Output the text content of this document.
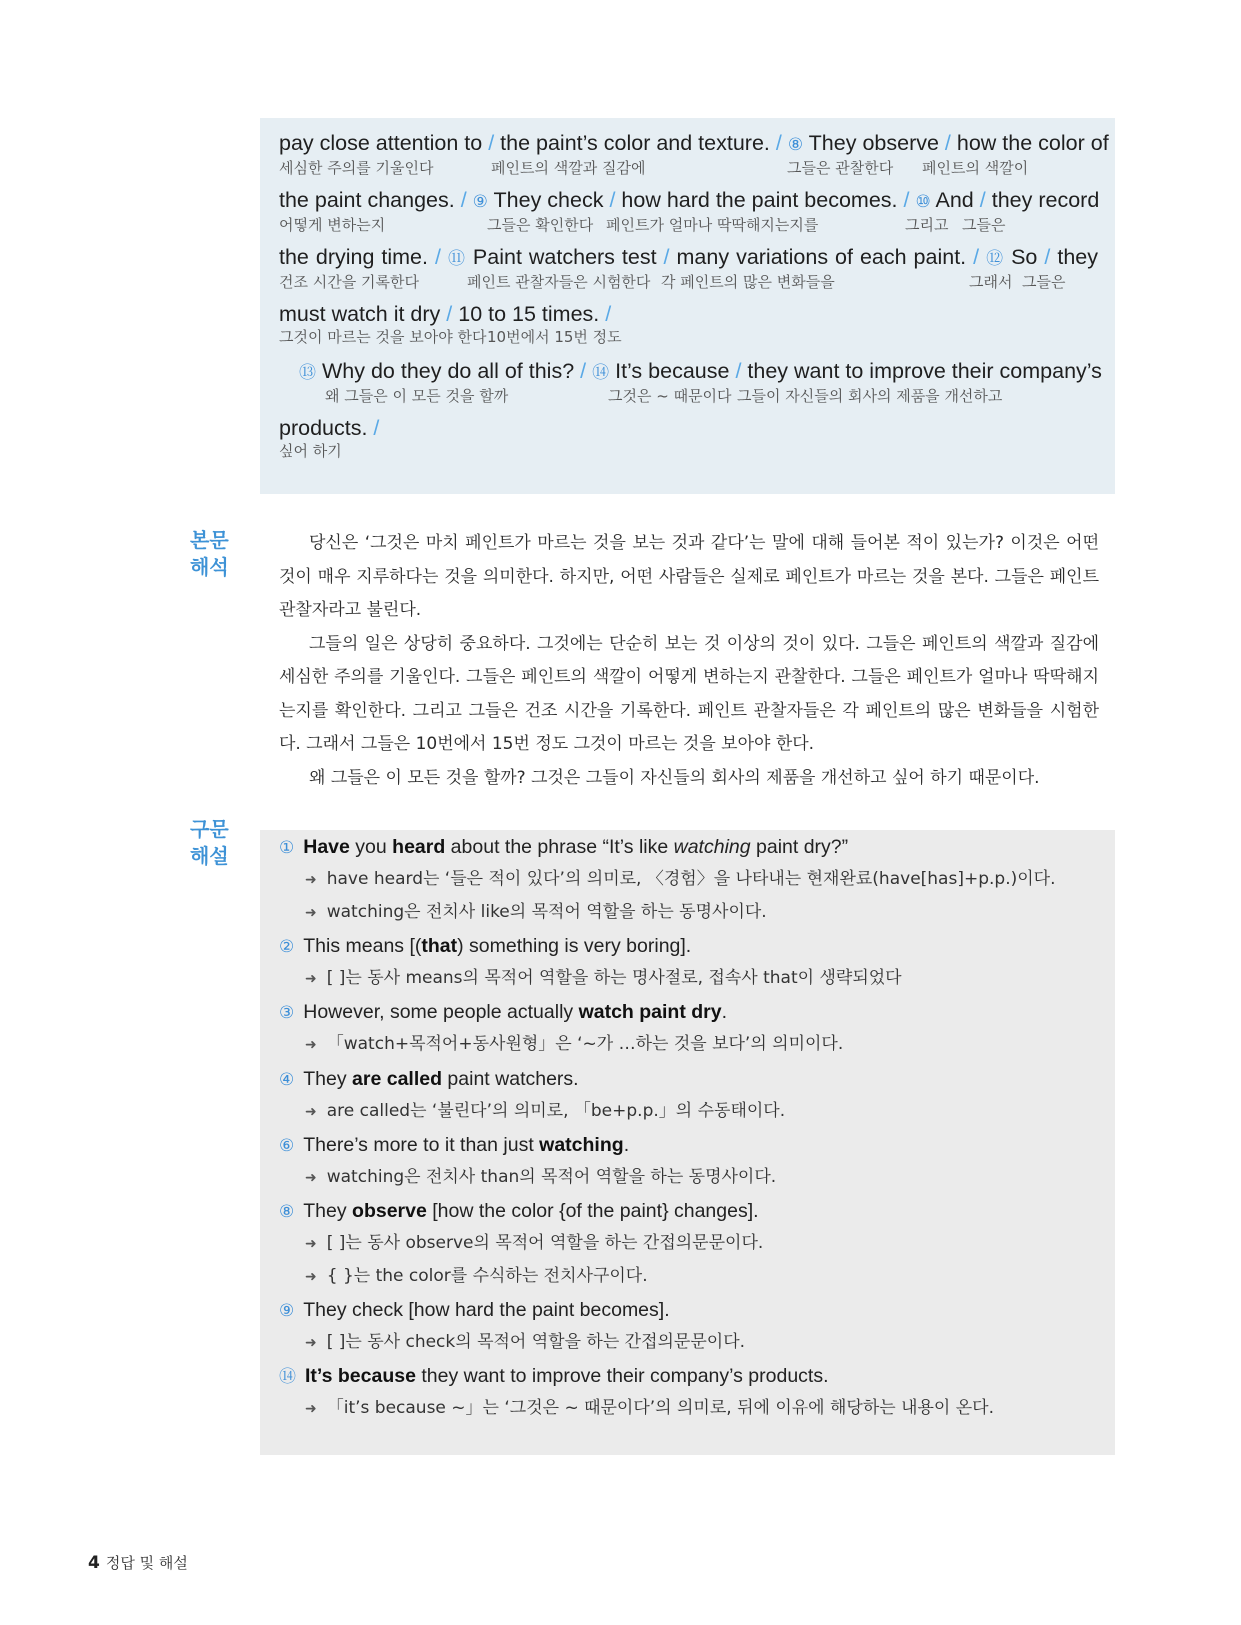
pay close attention to / the paint’s color and texture. / ⑧ They observe / how the color of
세심한 주의를 기울인다	페인트의 색깔과 질감에	그들은 관찰한다 페인트의 색깔이
the paint changes. / ⑨ They check / how hard the paint becomes. / ⑩ And / they record
어떻게 변하는지	그들은 확인한다 페인트가 얼마나 딱딱해지는지를	그리고 그들은
the drying time. / ⑪ Paint watchers test / many variations of each paint. / ⑫ So / they
건조 시간을 기록한다	페인트 관찰자들은 시험한다 각 페인트의 많은 변화들을	그래서 그들은
must watch it dry / 10 to 15 times. /
그것이 마르는 것을 보아야 한다 10번에서 15번 정도
⑬ Why do they do all of this? / ⑭ It’s because / they want to improve their company’s
왜 그들은 이 모든 것을 할까	그것은 ~ 때문이다 그들이 자신들의 회사의 제품을 개선하고
products. /
싶어 하기
본문
해석

당신은 ‘그것은 마치 페인트가 마르는 것을 보는 것과 같다’는 말에 대해 들어본 적이 있는가? 이것은 어떤 것이 매우 지루하다는 것을 의미한다. 하지만, 어떤 사람들은 실제로 페인트가 마르는 것을 본다. 그들은 페인트 관찰자라고 불린다.

그들의 일은 상당히 중요하다. 그것에는 단순히 보는 것 이상의 것이 있다. 그들은 페인트의 색깔과 질감에 세심한 주의를 기울인다. 그들은 페인트의 색깔이 어떻게 변하는지 관찰한다. 그들은 페인트가 얼마나 딱딱해지는지를 확인한다. 그리고 그들은 건조 시간을 기록한다. 페인트 관찰자들은 각 페인트의 많은 변화들을 시험한다. 그래서 그들은 10번에서 15번 정도 그것이 마르는 것을 보아야 한다.

왜 그들은 이 모든 것을 할까? 그것은 그들이 자신들의 회사의 제품을 개선하고 싶어 하기 때문이다.

구문
해설	① Have you heard about the phrase “It’s like watching paint dry?”
➜ have heard는 ‘들은 적이 있다’의 의미로, 〈경험〉을 나타내는 현재완료(have[has]+p.p.)이다.
➜ watching은 전치사 like의 목적어 역할을 하는 동명사이다.
② This means [(that) something is very boring].
➜ [ ]는 동사 means의 목적어 역할을 하는 명사절로, 접속사 that이 생략되었다
③ However, some people actually watch paint dry.
➜ 「watch+목적어+동사원형」은 ‘~가 …하는 것을 보다’의 의미이다.
④ They are called paint watchers.
➜ are called는 ‘불린다’의 의미로, 「be+p.p.」의 수동태이다.
⑥ There’s more to it than just watching.
➜ watching은 전치사 than의 목적어 역할을 하는 동명사이다.
⑧ They observe [how the color {of the paint} changes].
➜ [ ]는 동사 observe의 목적어 역할을 하는 간접의문문이다.
➜ { }는 the color를 수식하는 전치사구이다.
⑨ They check [how hard the paint becomes].
➜ [ ]는 동사 check의 목적어 역할을 하는 간접의문문이다.
⑭ It’s because they want to improve their company’s products.
➜ 「it’s because ~」는 ‘그것은 ~ 때문이다’의 의미로, 뒤에 이유에 해당하는 내용이 온다.
4 정답 및 해설
